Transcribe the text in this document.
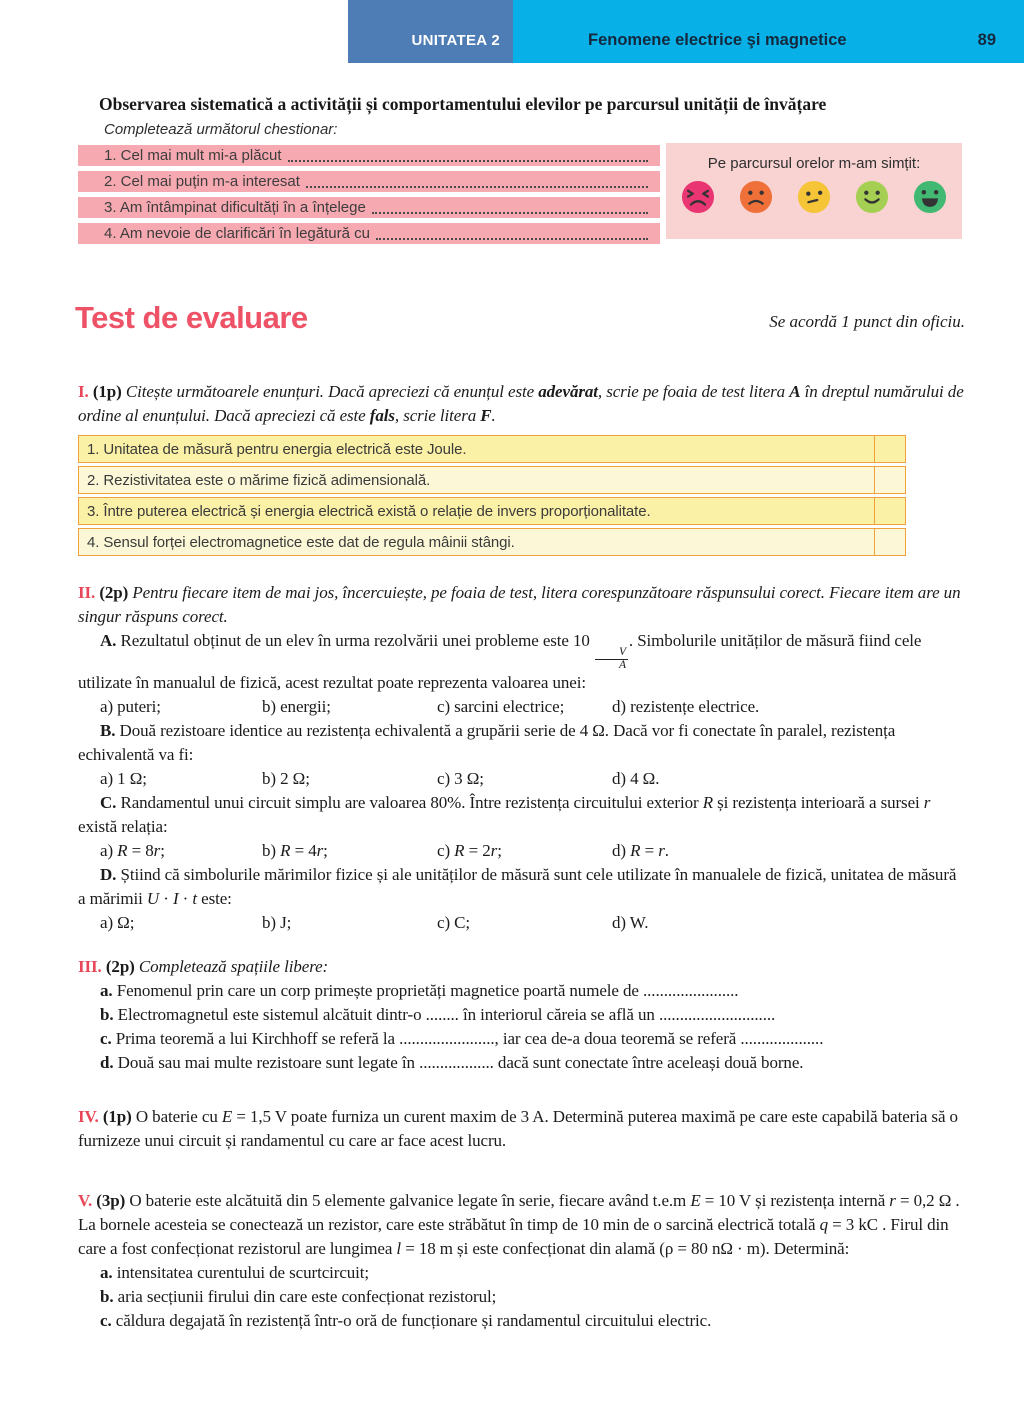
UNITATEA 2	Fenomene electrice şi magnetice	89
Observarea sistematică a activității și comportamentului elevilor pe parcursul unității de învățare
Completează următorul chestionar:
1. Cel mai mult mi-a plăcut
2. Cel mai puțin m-a interesat
3. Am întâmpinat dificultăți în a înțelege
4. Am nevoie de clarificări în legătură cu
Pe parcursul orelor m-am simțit:
Test de evaluare	Se acordă 1 punct din oficiu.

I. (1p) Citește următoarele enunțuri. Dacă apreciezi că enunțul este adevărat, scrie pe foaia de test litera A în dreptul numărului de ordine al enunțului. Dacă apreciezi că este fals, scrie litera F.

1. Unitatea de măsură pentru energia electrică este Joule.
2. Rezistivitatea este o mărime fizică adimensională.
3. Între puterea electrică și energia electrică există o relație de invers proporționalitate.
4. Sensul forței electromagnetice este dat de regula mâinii stângi.

II. (2p) Pentru fiecare item de mai jos, încercuiește, pe foaia de test, litera corespunzătoare răspunsului corect. Fiecare item are un singur răspuns corect.

A. Rezultatul obținut de un elev în urma rezolvării unei probleme este 10
$\frac{V}{A}$
. Simbolurile unităților de măsură fiind cele utilizate în manualul de fizică, acest rezultat poate reprezenta valoarea unei:

a) puteri;	b) energii;	c) sarcini electrice;	d) rezistențe electrice.

B. Două rezistoare identice au rezistența echivalentă a grupării serie de 4 Ω. Dacă vor fi conectate în paralel, rezistența echivalentă va fi:

a) 1 Ω;	b) 2 Ω;	c) 3 Ω;	d) 4 Ω.

C. Randamentul unui circuit simplu are valoarea 80%. Între rezistența circuitului exterior R și rezistența interioară a sursei r există relația:

a) R = 8r;	b) R = 4r;	c) R = 2r;	d) R = r.

D. Știind că simbolurile mărimilor fizice și ale unităților de măsură sunt cele utilizate în manualele de fizică, unitatea de măsură a mărimii U · I · t este:

a) Ω;	b) J;	c) C;	d) W.

III. (2p) Completează spațiile libere:

a. Fenomenul prin care un corp primește proprietăți magnetice poartă numele de .......................

b. Electromagnetul este sistemul alcătuit dintr-o ........ în interiorul căreia se află un ............................

c. Prima teoremă a lui Kirchhoff se referă la ......................., iar cea de-a doua teoremă se referă ....................

d. Două sau mai multe rezistoare sunt legate în .................. dacă sunt conectate între aceleași două borne.

IV. (1p) O baterie cu E = 1,5 V poate furniza un curent maxim de 3 A. Determină puterea maximă pe care este capabilă bateria să o furnizeze unui circuit și randamentul cu care ar face acest lucru.

V. (3p) O baterie este alcătuită din 5 elemente galvanice legate în serie, fiecare având t.e.m E = 10 V și rezistența internă r = 0,2 Ω . La bornele acesteia se conectează un rezistor, care este străbătut în timp de 10 min de o sarcină electrică totală q = 3 kC . Firul din care a fost confecționat rezistorul are lungimea l = 18 m și este confecționat din alamă (ρ = 80 nΩ · m). Determină:

a. intensitatea curentului de scurtcircuit;

b. aria secțiunii firului din care este confecționat rezistorul;

c. căldura degajată în rezistență într-o oră de funcționare și randamentul circuitului electric.
